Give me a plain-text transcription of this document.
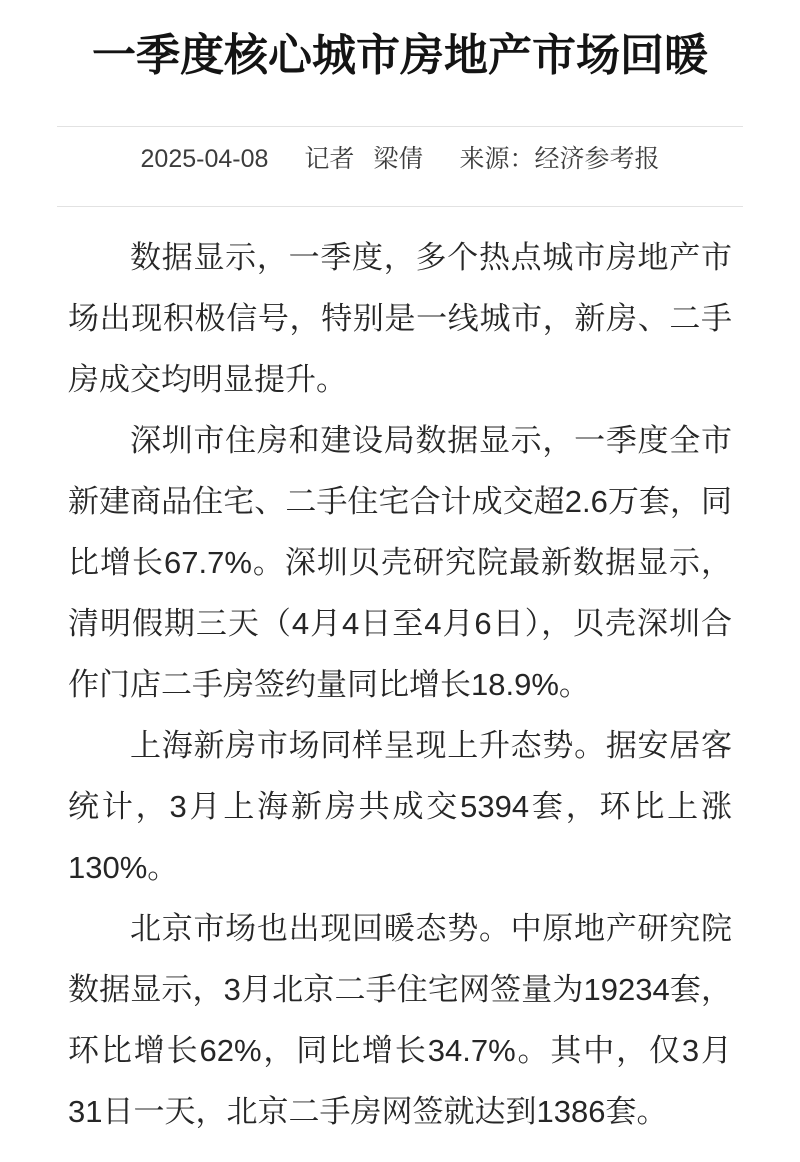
一季度核心城市房地产市场回暖
2025-04-08 记者 梁倩 来源： 经济参考报

数据显示，一季度，多个热点城市房地产市场出现积极信号，特别是一线城市，新房、二手房成交均明显提升。

深圳市住房和建设局数据显示，一季度全市新建商品住宅、二手住宅合计成交超2.6万套，同比增长67.7%。深圳贝壳研究院最新数据显示，清明假期三天（4月4日至4月6日），贝壳深圳合作门店二手房签约量同比增长18.9%。

上海新房市场同样呈现上升态势。据安居客统计，3月上海新房共成交5394套，环比上涨130%。

北京市场也出现回暖态势。中原地产研究院数据显示，3月北京二手住宅网签量为19234套，环比增长62%，同比增长34.7%。其中，仅3月31日一天，北京二手房网签就达到1386套。
